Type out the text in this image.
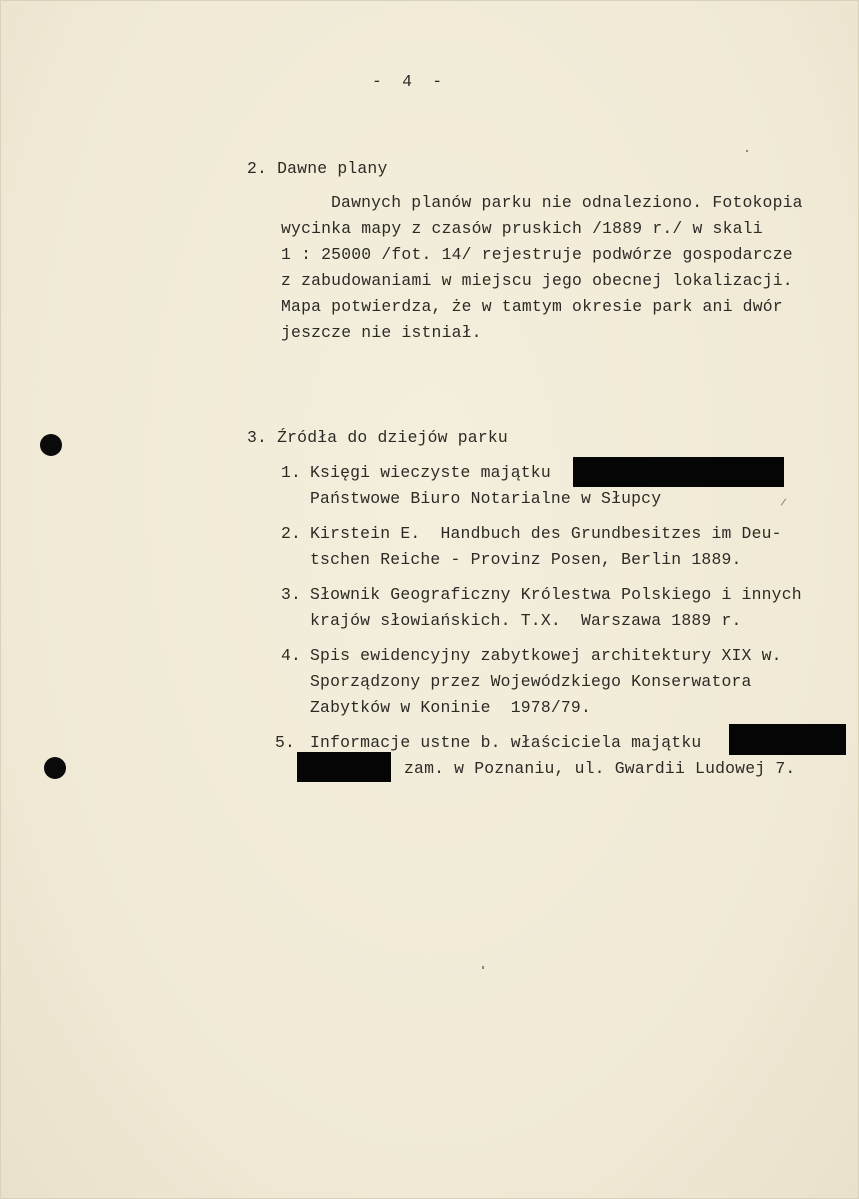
-  4  -
2. Dawne plany
Dawnych planów parku nie odnaleziono. Fotokopia
wycinka mapy z czasów pruskich /1889 r./ w skali
1 : 25000 /fot. 14/ rejestruje podwórze gospodarcze
z zabudowaniami w miejscu jego obecnej lokalizacji.
Mapa potwierdza, że w tamtym okresie park ani dwór
jeszcze nie istniał.
3. Źródła do dziejów parku
1. Księgi wieczyste majątku
Państwowe Biuro Notarialne w Słupcy
2. Kirstein E.  Handbuch des Grundbesitzes im Deu-
tschen Reiche - Provinz Posen, Berlin 1889.
3. Słownik Geograficzny Królestwa Polskiego i innych
krajów słowiańskich. T.X.  Warszawa 1889 r.
4. Spis ewidencyjny zabytkowej architektury XIX w.
Sporządzony przez Wojewódzkiego Konserwatora
Zabytków w Koninie  1978/79.
5. Informacje ustne b. właściciela majątku
zam. w Poznaniu, ul. Gwardii Ludowej 7.
